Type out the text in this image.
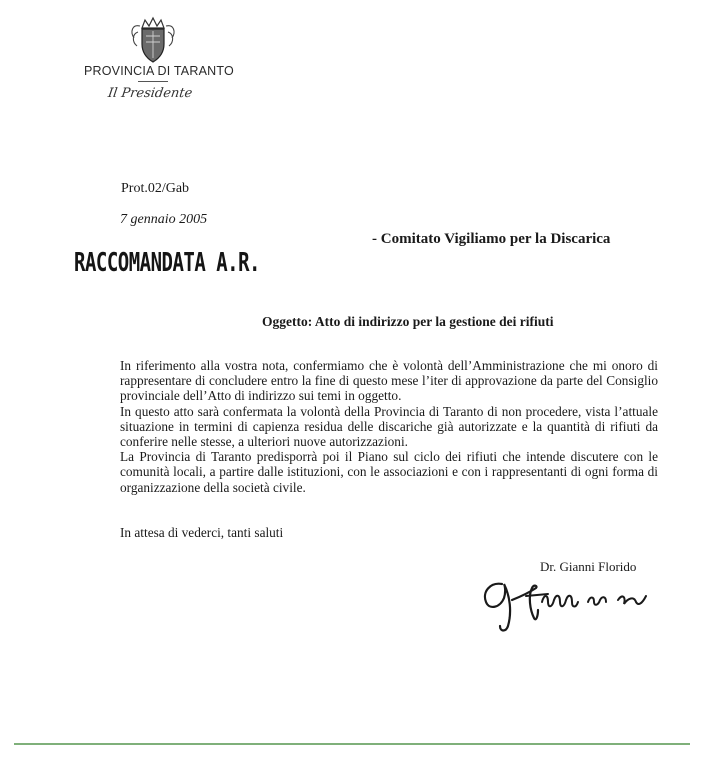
PROVINCIA DI TARANTO
Il Presidente
Prot.02/Gab
7 gennaio 2005
- Comitato Vigiliamo per la Discarica
RACCOMANDATA A.R.
Oggetto: Atto di indirizzo per la gestione dei rifiuti

In riferimento alla vostra nota, confermiamo che è volontà dell’Amministrazione che mi onoro di rappresentare di concludere entro la fine di questo mese l’iter di approvazione da parte del Consiglio provinciale dell’Atto di indirizzo sui temi in oggetto.

In questo atto sarà confermata la volontà della Provincia di Taranto di non procedere, vista l’attuale situazione in termini di capienza residua delle discariche già autorizzate e la quantità di rifiuti da conferire nelle stesse, a ulteriori nuove autorizzazioni.

La Provincia di Taranto predisporrà poi il Piano sul ciclo dei rifiuti che intende discutere con le comunità locali, a partire dalle istituzioni, con le associazioni e con i rappresentanti di ogni forma di organizzazione della società civile.

In attesa di vederci, tanti saluti
Dr. Gianni Florido
